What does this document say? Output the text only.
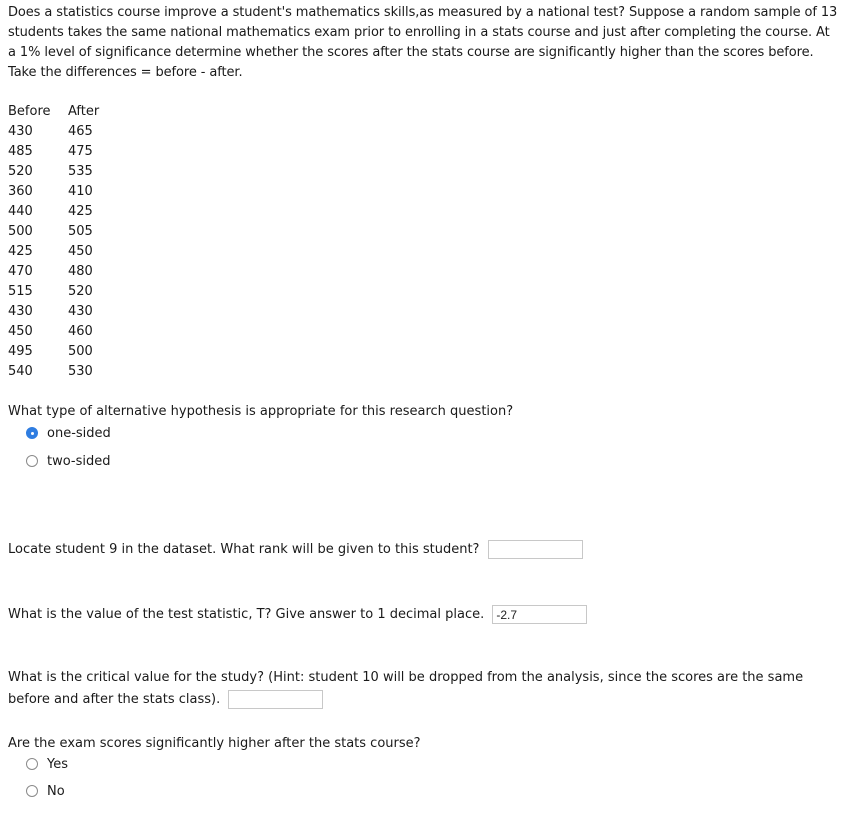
Does a statistics course improve a student's mathematics skills,as measured by a national test? Suppose a random sample of 13 students takes the same national mathematics exam prior to enrolling in a stats course and just after completing the course. At a 1% level of significance determine whether the scores after the stats course are significantly higher than the scores before. Take the differences = before - after.

Before	After
430	465
485	475
520	535
360	410
440	425
500	505
425	450
470	480
515	520
430	430
450	460
495	500
540	530

What type of alternative hypothesis is appropriate for this research question?

one-sided
two-sided

Locate student 9 in the dataset. What rank will be given to this student?

What is the value of the test statistic, T? Give answer to 1 decimal place. -2.7

What is the critical value for the study? (Hint: student 10 will be dropped from the analysis, since the scores are the same

before and after the stats class).

Are the exam scores significantly higher after the stats course?

Yes
No
